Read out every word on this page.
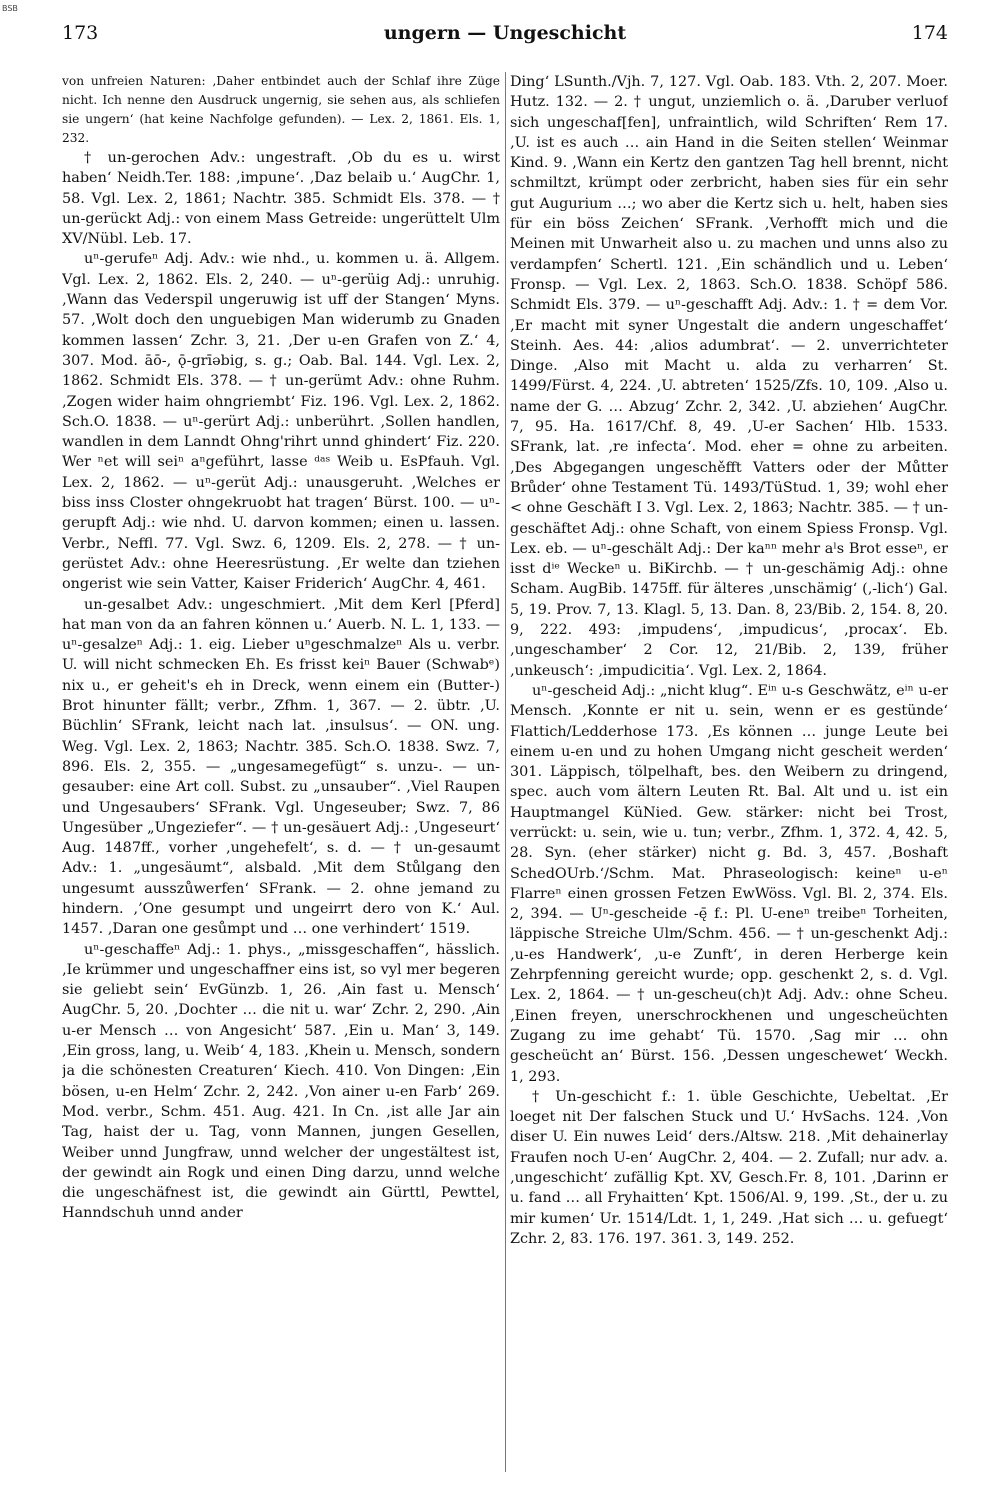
BSB
173	ungern — Ungeschicht	174

von unfreien Naturen: ‚Daher entbindet auch der Schlaf ihre Züge nicht. Ich nenne den Ausdruck ungernig, sie sehen aus, als schliefen sie ungern‘ (hat keine Nachfolge gefunden). — Lex. 2, 1861. Els. 1, 232.

† un-gerochen Adv.: ungestraft. ‚Ob du es u. wirst haben‘ Neidh.Ter. 188: ‚impune‘. ‚Daz belaib u.‘ AugChr. 1, 58. Vgl. Lex. 2, 1861; Nachtr. 385. Schmidt Els. 378. — † un-gerückt Adj.: von einem Mass Getreide: ungerüttelt Ulm XV/Nübl. Leb. 17.

uⁿ-gerufeⁿ Adj. Adv.: wie nhd., u. kommen u. ä. Allgem. Vgl. Lex. 2, 1862. Els. 2, 240. — uⁿ-gerüig Adj.: unruhig. ‚Wann das Vederspil ungeruwig ist uff der Stangen‘ Myns. 57. ‚Wolt doch den unguebigen Man widerumb zu Gnaden kommen lassen‘ Zchr. 3, 21. ‚Der u-en Grafen von Z.‘ 4, 307. Mod. āō-, ǭ-grīəbig, s. g.; Oab. Bal. 144. Vgl. Lex. 2, 1862. Schmidt Els. 378. — † un-gerümt Adv.: ohne Ruhm. ‚Zogen wider haim ohngriembt‘ Fiz. 196. Vgl. Lex. 2, 1862. Sch.O. 1838. — uⁿ-gerürt Adj.: unberührt. ‚Sollen handlen, wandlen in dem Lanndt Ohng'rihrt unnd ghindert‘ Fiz. 220. Wer ⁿet will seiⁿ aⁿgeführt, lasse ᵈᵃˢ Weib u. EsPfauh. Vgl. Lex. 2, 1862. — uⁿ-gerüt Adj.: unausgeruht. ‚Welches er biss inss Closter ohngekruobt hat tragen‘ Bürst. 100. — uⁿ-gerupft Adj.: wie nhd. U. darvon kommen; einen u. lassen. Verbr., Neffl. 77. Vgl. Swz. 6, 1209. Els. 2, 278. — † un-gerüstet Adv.: ohne Heeresrüstung. ‚Er welte dan tziehen ongerist wie sein Vatter, Kaiser Friderich‘ AugChr. 4, 461.

un-gesalbet Adv.: ungeschmiert. ‚Mit dem Kerl [Pferd] hat man von da an fahren können u.‘ Auerb. N. L. 1, 133. — uⁿ-gesalzeⁿ Adj.: 1. eig. Lieber uⁿgeschmalzeⁿ Als u. verbr. U. will nicht schmecken Eh. Es frisst keiⁿ Bauer (Schwabᵉ) nix u., er geheit's eh in Dreck, wenn einem ein (Butter-) Brot hinunter fällt; verbr., Zfhm. 1, 367. — 2. übtr. ‚U. Büchlin‘ SFrank, leicht nach lat. ‚insulsus‘. — ON. ung. Weg. Vgl. Lex. 2, 1863; Nachtr. 385. Sch.O. 1838. Swz. 7, 896. Els. 2, 355. — „ungesamegefügt“ s. unzu-. — un-gesauber: eine Art coll. Subst. zu „unsauber“. ‚Viel Raupen und Ungesaubers‘ SFrank. Vgl. Ungeseuber; Swz. 7, 86 Ungesüber „Ungeziefer“. — † un-gesäuert Adj.: ‚Ungeseurt‘ Aug. 1487ff., vorher ‚ungehefelt‘, s. d. — † un-gesaumt Adv.: 1. „ungesäumt“, alsbald. ‚Mit dem Stůlgang den ungesumt ausszůwerfen‘ SFrank. — 2. ohne jemand zu hindern. ‚’One gesumpt und ungeirrt dero von K.‘ Aul. 1457. ‚Daran one gesůmpt und … one verhindert‘ 1519.

uⁿ-geschaffeⁿ Adj.: 1. phys., „missgeschaffen“, hässlich. ‚Ie krümmer und ungeschaffner eins ist, so vyl mer begeren sie geliebt sein‘ EvGünzb. 1, 26. ‚Ain fast u. Mensch‘ AugChr. 5, 20. ‚Dochter … die nit u. war‘ Zchr. 2, 290. ‚Ain u-er Mensch … von Angesicht‘ 587. ‚Ein u. Man‘ 3, 149. ‚Ein gross, lang, u. Weib‘ 4, 183. ‚Khein u. Mensch, sondern ja die schönesten Creaturen‘ Kiech. 410. Von Dingen: ‚Ein bösen, u-en Helm‘ Zchr. 2, 242. ‚Von ainer u-en Farb‘ 269. Mod. verbr., Schm. 451. Aug. 421. In Cn. ‚ist alle Jar ain Tag, haist der u. Tag, vonn Mannen, jungen Gesellen, Weiber unnd Jungfraw, unnd welcher der ungestältest ist, der gewindt ain Rogk und einen Ding darzu, unnd welche die ungeschäfnest ist, die gewindt ain Gürttl, Pewttel, Hanndschuh unnd ander

Ding‘ LSunth./Vjh. 7, 127. Vgl. Oab. 183. Vth. 2, 207. Moer. Hutz. 132. — 2. † ungut, unziemlich o. ä. ‚Daruber verluof sich ungeschaf[fen], unfraintlich, wild Schriften‘ Rem 17. ‚U. ist es auch … ain Hand in die Seiten stellen‘ Weinmar Kind. 9. ‚Wann ein Kertz den gantzen Tag hell brennt, nicht schmiltzt, krümpt oder zerbricht, haben sies für ein sehr gut Augurium …; wo aber die Kertz sich u. helt, haben sies für ein böss Zeichen‘ SFrank. ‚Verhofft mich und die Meinen mit Unwarheit also u. zu machen und unns also zu verdampfen‘ Schertl. 121. ‚Ein schändlich und u. Leben‘ Fronsp. — Vgl. Lex. 2, 1863. Sch.O. 1838. Schöpf 586. Schmidt Els. 379. — uⁿ-geschafft Adj. Adv.: 1. † = dem Vor. ‚Er macht mit syner Ungestalt die andern ungeschaffet‘ Steinh. Aes. 44: ‚alios adumbrat‘. — 2. unverrichteter Dinge. ‚Also mit Macht u. alda zu verharren‘ St. 1499/Fürst. 4, 224. ‚U. abtreten‘ 1525/Zfs. 10, 109. ‚Also u. name der G. … Abzug‘ Zchr. 2, 342. ‚U. abziehen‘ AugChr. 7, 95. Ha. 1617/Chf. 8, 49. ‚U-er Sachen‘ Hlb. 1533. SFrank, lat. ‚re infecta‘. Mod. eher = ohne zu arbeiten. ‚Des Abgegangen ungeschěfft Vatters oder der Můtter Brůder‘ ohne Testament Tü. 1493/TüStud. 1, 39; wohl eher < ohne Geschäft I 3. Vgl. Lex. 2, 1863; Nachtr. 385. — † un-geschäftet Adj.: ohne Schaft, von einem Spiess Fronsp. Vgl. Lex. eb. — uⁿ-geschält Adj.: Der kaⁿⁿ mehr aˡs Brot esseⁿ, er isst dⁱᵉ Weckeⁿ u. BiKirchb. — † un-geschämig Adj.: ohne Scham. AugBib. 1475ff. für älteres ‚unschämig‘ (‚-lich‘) Gal. 5, 19. Prov. 7, 13. Klagl. 5, 13. Dan. 8, 23/Bib. 2, 154. 8, 20. 9, 222. 493: ‚impudens‘, ‚impudicus‘, ‚procax‘. Eb. ‚ungeschamber‘ 2 Cor. 12, 21/Bib. 2, 139, früher ‚unkeusch‘: ‚impudicitia‘. Vgl. Lex. 2, 1864.

uⁿ-gescheid Adj.: „nicht klug“. Eⁱⁿ u-s Geschwätz, eⁱⁿ u-er Mensch. ‚Konnte er nit u. sein, wenn er es gestünde‘ Flattich/Ledderhose 173. ‚Es können … junge Leute bei einem u-en und zu hohen Umgang nicht gescheit werden‘ 301. Läppisch, tölpelhaft, bes. den Weibern zu dringend, spec. auch vom ältern Leuten Rt. Bal. Alt und u. ist ein Hauptmangel KüNied. Gew. stärker: nicht bei Trost, verrückt: u. sein, wie u. tun; verbr., Zfhm. 1, 372. 4, 42. 5, 28. Syn. (eher stärker) nicht g. Bd. 3, 457. ‚Boshaft SchedOUrb.‘/Schm. Mat. Phraseologisch: keineⁿ u-eⁿ Flarreⁿ einen grossen Fetzen EwWöss. Vgl. Bl. 2, 374. Els. 2, 394. — Uⁿ-gescheide -ę̄ f.: Pl. U-eneⁿ treibeⁿ Torheiten, läppische Streiche Ulm/Schm. 456. — † un-geschenkt Adj.: ‚u-es Handwerk‘, ‚u-e Zunft‘, in deren Herberge kein Zehrpfenning gereicht wurde; opp. geschenkt 2, s. d. Vgl. Lex. 2, 1864. — † un-gescheu(ch)t Adj. Adv.: ohne Scheu. ‚Einen freyen, unerschrockhenen und ungescheüchten Zugang zu ime gehabt‘ Tü. 1570. ‚Sag mir … ohn gescheücht an‘ Bürst. 156. ‚Dessen ungeschewet‘ Weckh. 1, 293.

† Un-geschicht f.: 1. üble Geschichte, Uebeltat. ‚Er loeget nit Der falschen Stuck und U.‘ HvSachs. 124. ‚Von diser U. Ein nuwes Leid‘ ders./Altsw. 218. ‚Mit dehainerlay Fraufen noch U-en‘ AugChr. 2, 404. — 2. Zufall; nur adv. a. ‚ungeschicht‘ zufällig Kpt. XV, Gesch.Fr. 8, 101. ‚Darinn er u. fand … all Fryhaitten‘ Kpt. 1506/Al. 9, 199. ‚St., der u. zu mir kumen‘ Ur. 1514/Ldt. 1, 1, 249. ‚Hat sich … u. gefuegt‘ Zchr. 2, 83. 176. 197. 361. 3, 149. 252.
